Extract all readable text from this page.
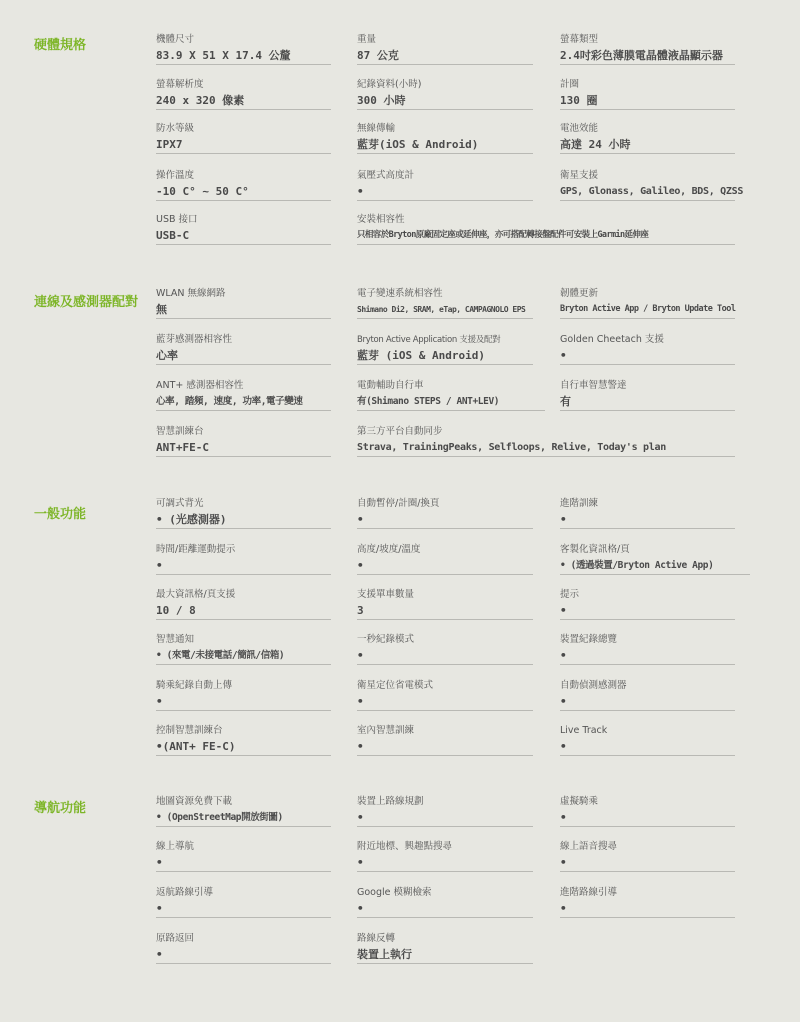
硬體規格	機體尺寸
83.9 X 51 X 17.4 公釐
重量
87 公克
螢幕類型
2.4吋彩色薄膜電晶體液晶顯示器
螢幕解析度
240 x 320 像素
紀錄資料(小時)
300 小時
計圈
130 圈
防水等級
IPX7
無線傳輸
藍芽(iOS & Android)
電池效能
高達 24 小時
操作溫度
-10 C° ~ 50 C°
氣壓式高度計
•
衛星支援
GPS, Glonass, Galileo, BDS, QZSS
USB 接口
USB-C
安裝相容性
只相容於Bryton原廠固定座或延伸座，亦可搭配轉接盤配件可安裝上Garmin延伸座
連線及感測器配對
WLAN 無線網路
無
電子變速系統相容性
Shimano Di2, SRAM, eTap, CAMPAGNOLO EPS
韌體更新
Bryton Active App / Bryton Update Tool
藍芽感測器相容性
心率
Bryton Active Application 支援及配對
藍芽 (iOS & Android)
Golden Cheetach 支援
•
ANT+ 感測器相容性
心率, 踏頻, 速度, 功率,電子變速
電動輔助自行車
有(Shimano STEPS / ANT+LEV)
自行車智慧警達
有
智慧訓練台
ANT+FE-C
第三方平台自動同步
Strava, TrainingPeaks, Selfloops, Relive, Today's plan
一般功能
可調式背光
• (光感測器)
自動暫停/計圈/換頁
•
進階訓練
•
時間/距離運動提示
•
高度/坡度/溫度
•
客製化資訊格/頁
• (透過裝置/Bryton Active App)
最大資訊格/頁支援
10 / 8
支援單車數量
3
提示
•
智慧通知
• (來電/未接電話/簡訊/信箱)
一秒紀錄模式
•
裝置紀錄總覽
•
騎乘紀錄自動上傳
•
衛星定位省電模式
•
自動偵測感測器
•
控制智慧訓練台
•(ANT+ FE-C)
室內智慧訓練
•
Live Track
•
導航功能	地圖資源免費下載
• (OpenStreetMap開放街圖)
裝置上路線規劃
•
虛擬騎乘
•
線上導航
•
附近地標、興趣點搜尋
•
線上語音搜尋
•
返航路線引導
•
Google 模糊檢索
•
進階路線引導
•
原路返回
•
路線反轉
裝置上執行
